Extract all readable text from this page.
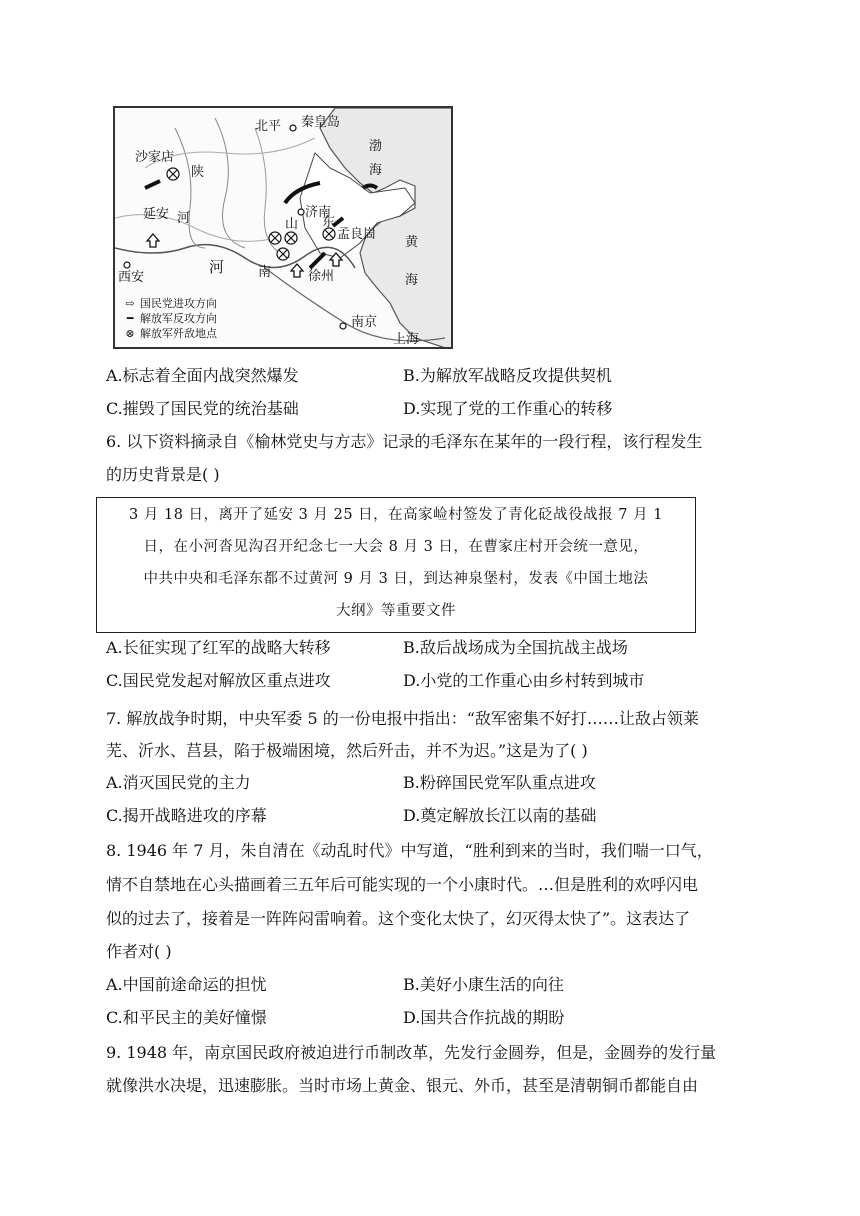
北平 秦皇岛
沙家店
延安
西安
济南
孟良崮
徐州
南京
上海
陕
河
河
渤
海
黄
海
山 东
南
⇨ 国民党进攻方向
━ 解放军反攻方向
⊗ 解放军歼敌地点
A.标志着全面内战突然爆发	B.为解放军战略反攻提供契机
C.摧毁了国民党的统治基础	D.实现了党的工作重心的转移
6. 以下资料摘录自《榆林党史与方志》记录的毛泽东在某年的一段行程，该行程发生
的历史背景是( )
3 月 18 日，离开了延安 3 月 25 日，在高家崄村签发了青化砭战役战报 7 月 1
日，在小河沓见沟召开纪念七一大会 8 月 3 日，在曹家庄村开会统一意见，
中共中央和毛泽东都不过黄河 9 月 3 日，到达神泉堡村，发表《中国土地法
大纲》等重要文件
A.长征实现了红军的战略大转移	B.敌后战场成为全国抗战主战场
C.国民党发起对解放区重点进攻	D.小党的工作重心由乡村转到城市
7. 解放战争时期，中央军委 5 的一份电报中指出：“敌军密集不好打……让敌占领莱
芜、沂水、莒县，陷于极端困境，然后歼击，并不为迟。”这是为了( )
A.消灭国民党的主力	B.粉碎国民党军队重点进攻
C.揭开战略进攻的序幕	D.奠定解放长江以南的基础
8. 1946 年 7 月，朱自清在《动乱时代》中写道，“胜利到来的当时，我们喘一口气，
情不自禁地在心头描画着三五年后可能实现的一个小康时代。…但是胜利的欢呼闪电
似的过去了，接着是一阵阵闷雷响着。这个变化太快了，幻灭得太快了”。这表达了
作者对( )
A.中国前途命运的担忧	B.美好小康生活的向往
C.和平民主的美好憧憬	D.国共合作抗战的期盼
9. 1948 年，南京国民政府被迫进行币制改革，先发行金圆券，但是，金圆券的发行量
就像洪水决堤，迅速膨胀。当时市场上黄金、银元、外币，甚至是清朝铜币都能自由
